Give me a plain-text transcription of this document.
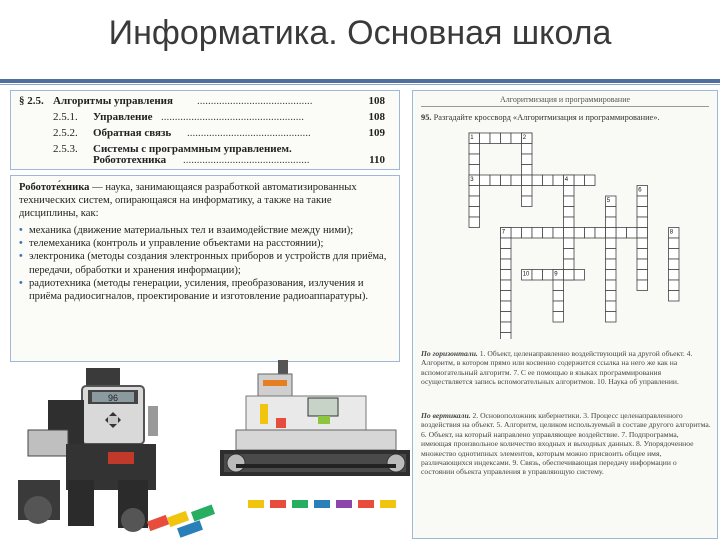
Информатика. Основная школа
§ 2.5. Алгоритмы управления ..........................................	108
2.5.1. Управление ....................................................	108
2.5.2. Обратная связь .............................................	109
2.5.3. Системы с программным управлением.
Робототехника ..............................................	110
Робототе́хника — наука, занимающаяся разработкой автоматизированных технических систем, опирающаяся на информатику, а также на такие дисциплины, как:
• механика (движение материальных тел и взаимодействие между ними);
• телемеханика (контроль и управление объектами на расстоянии);
• электроника (методы создания электронных приборов и устройств для приёма, передачи, обработки и хранения информации);
• радиотехника (методы генерации, усиления, преобразования, излучения и приёма радиосигналов, проектирование и изготовление радиоаппаратуры).
96
Алгоритмизация и программирование
95. Разгадайте кроссворд «Алгоритмизация и программирование».
1	2
3	4
5
6
7	8
9
10
По горизонтали. 1. Объект, целенаправленно воздействующий на другой объект. 4. Алгоритм, в котором прямо или косвенно содержится ссылка на него же как на вспомогательный алгоритм. 7. С ее помощью в языках программирования осуществляется запись вспомогательных алгоритмов. 10. Наука об управлении.
По вертикали. 2. Основоположник кибернетики. 3. Процесс целенаправленного воздействия на объект. 5. Алгоритм, целиком используемый в составе другого алгоритма. 6. Объект, на который направлено управляющее воздействие. 7. Подпрограмма, имеющая произвольное количество входных и выходных данных. 8. Упорядоченное множество однотипных элементов, которым можно присвоить общее имя, различающихся индексами. 9. Связь, обеспечивающая передачу информации о состоянии объекта управления в управляющую систему.
